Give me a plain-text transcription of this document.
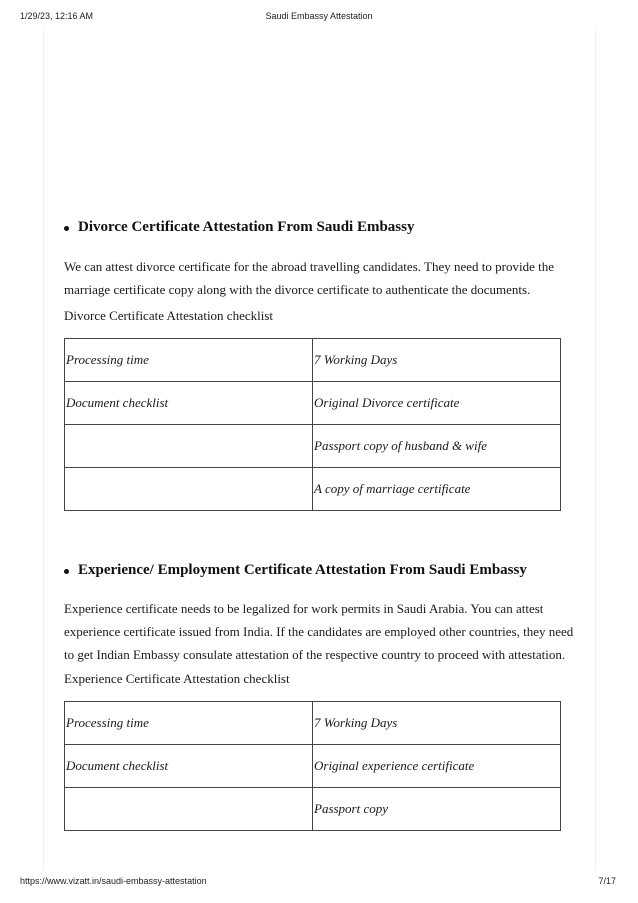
1/29/23, 12:16 AM	Saudi Embassy Attestation
Divorce Certificate Attestation From Saudi Embassy
We can attest divorce certificate for the abroad travelling candidates. They need to provide the
marriage certificate copy along with the divorce certificate to authenticate the documents.
Divorce Certificate Attestation checklist
Processing time	7 Working Days
Document checklist	Original Divorce certificate
	Passport copy of husband & wife
	A copy of marriage certificate
Experience/ Employment Certificate Attestation From Saudi Embassy
Experience certificate needs to be legalized for work permits in Saudi Arabia. You can attest
experience certificate issued from India. If the candidates are employed other countries, they need
to get Indian Embassy consulate attestation of the respective country to proceed with attestation.
Experience Certificate Attestation checklist
Processing time	7 Working Days
Document checklist	Original experience certificate
	Passport copy
https://www.vizatt.in/saudi-embassy-attestation	7/17
